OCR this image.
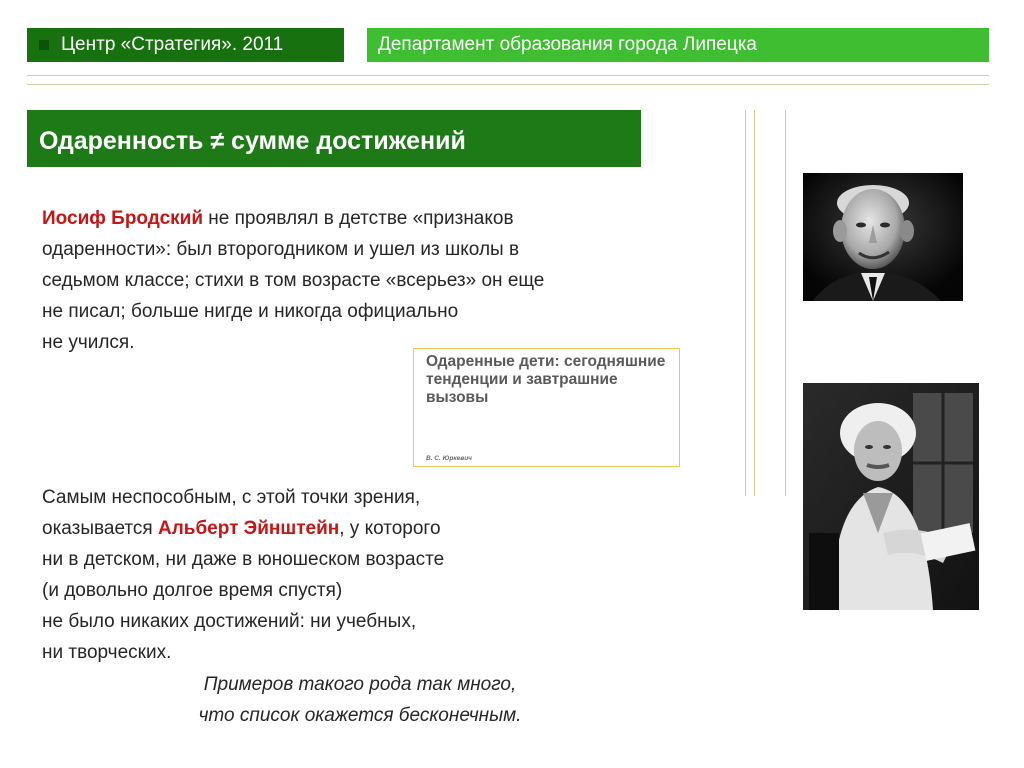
Центр «Стратегия». 2011	Департамент образования города Липецка
Одаренность ≠ сумме достижений
Иосиф Бродский не проявлял в детстве «признаков
одаренности»: был второгодником и ушел из школы в
седьмом классе; стихи в том возрасте «всерьез» он еще
не писал; больше нигде и никогда официально
не учился.
Одаренные дети: сегодняшние тенденции и завтрашние вызовы
В. С. Юркевич
Самым неспособным, с этой точки зрения,
оказывается Альберт Эйнштейн, у которого
ни в детском, ни даже в юношеском возрасте
(и довольно долгое время спустя)
не было никаких достижений: ни учебных,
ни творческих.
Примеров такого рода так много,
что список окажется бесконечным.
